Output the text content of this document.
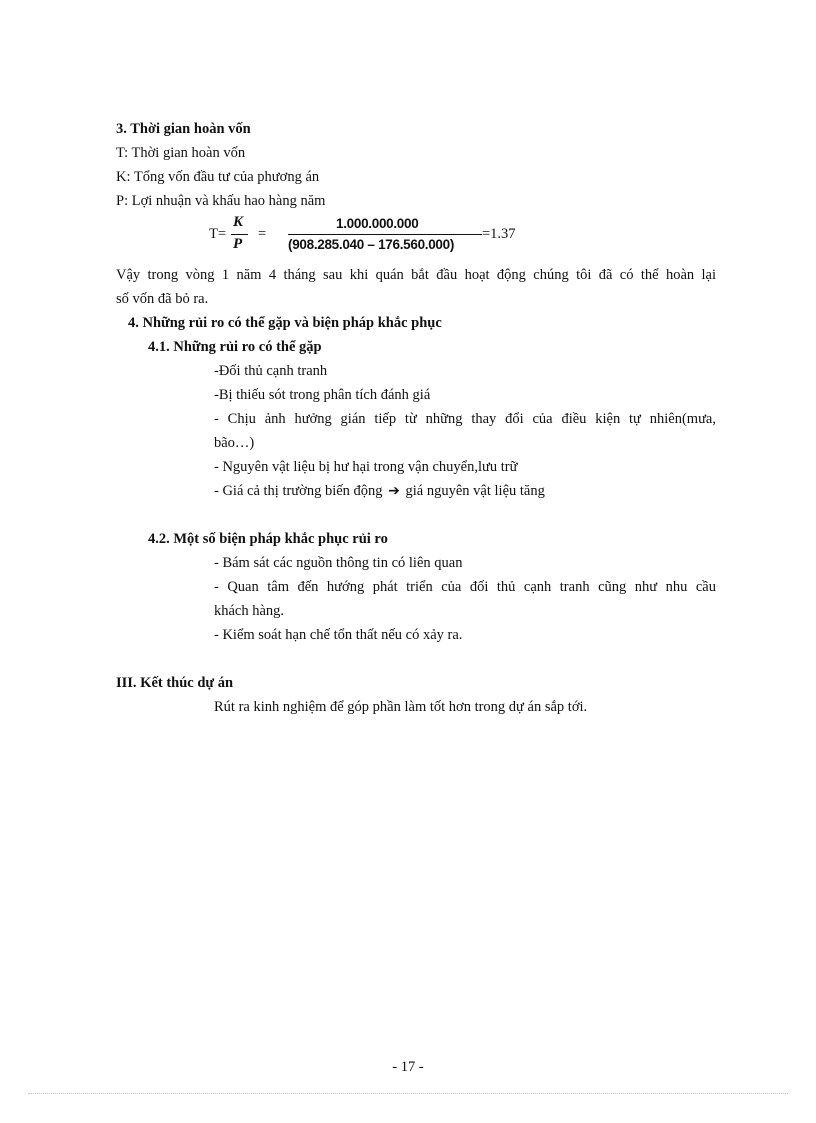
3. Thời gian hoàn vốn
T: Thời gian hoàn vốn
K: Tổng vốn đầu tư của phương án
P: Lợi nhuận và khấu hao hàng năm
T=
K
P
=
1.000.000.000
(908.285.040 – 176.560.000)
=1.37
Vậy trong vòng 1 năm 4 tháng sau khi quán bắt đầu hoạt động chúng tôi đã có thể hoàn lại
số vốn đã bỏ ra.
4. Những rủi ro có thể gặp và biện pháp khắc phục
4.1. Những rủi ro có thể gặp
-Đối thủ cạnh tranh
-Bị thiếu sót trong phân tích đánh giá
- Chịu ảnh hưởng gián tiếp từ những thay đổi của điều kiện tự nhiên(mưa,
bão…)
- Nguyên vật liệu bị hư hại trong vận chuyển,lưu trữ
- Giá cả thị trường biến động ➔ giá nguyên vật liệu tăng
4.2. Một số biện pháp khắc phục rủi ro
- Bám sát các nguồn thông tin có liên quan
- Quan tâm đến hướng phát triển của đối thủ cạnh tranh cũng như nhu cầu
khách hàng.
- Kiểm soát hạn chế tổn thất nếu có xảy ra.
III. Kết thúc dự án
Rút ra kinh nghiệm để góp phần làm tốt hơn trong dự án sắp tới.
- 17 -
